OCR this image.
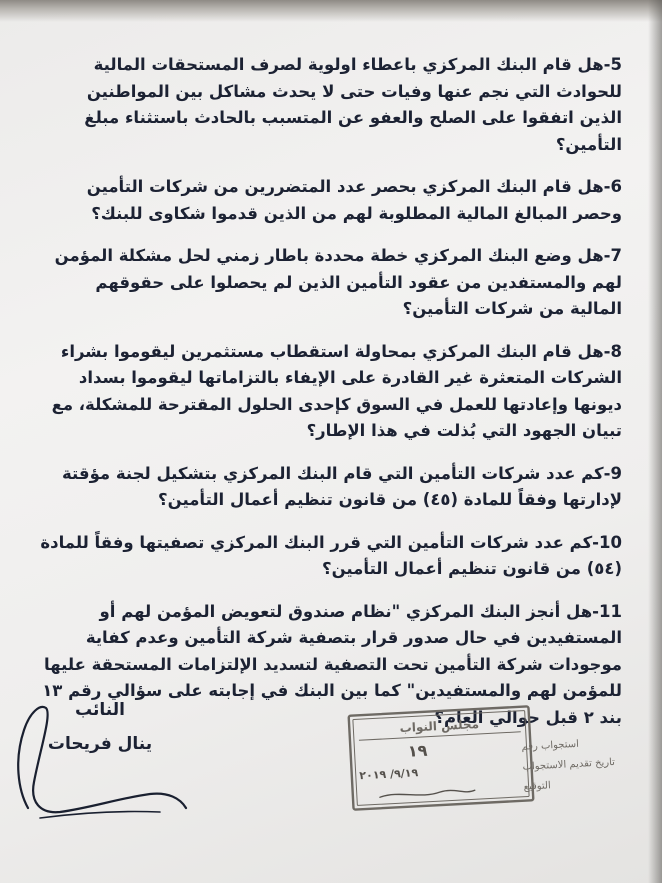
5-هل قام البنك المركزي باعطاء اولوية لصرف المستحقات المالية للحوادث التي نجم عنها وفيات حتى لا يحدث مشاكل بين المواطنين الذين اتفقوا على الصلح والعفو عن المتسبب بالحادث باستثناء مبلغ التأمين؟

6-هل قام البنك المركزي بحصر عدد المتضررين من شركات التأمين وحصر المبالغ المالية المطلوبة لهم من الذين قدموا شكاوى للبنك؟

7-هل وضع البنك المركزي خطة محددة باطار زمني لحل مشكلة المؤمن لهم والمستفدين من عقود التأمين الذين لم يحصلوا على حقوقهم المالية من شركات التأمين؟

8-هل قام البنك المركزي بمحاولة استقطاب مستثمرين ليقوموا بشراء الشركات المتعثرة غير القادرة على الإيفاء بالتزاماتها ليقوموا بسداد ديونها وإعادتها للعمل في السوق كإحدى الحلول المقترحة للمشكلة، مع تبيان الجهود التي بُذلت في هذا الإطار؟

9-كم عدد شركات التأمين التي قام البنك المركزي بتشكيل لجنة مؤقتة لإدارتها وفقاً للمادة (٤٥) من قانون تنظيم أعمال التأمين؟

10-كم عدد شركات التأمين التي قرر البنك المركزي تصفيتها وفقاً للمادة (٥٤) من قانون تنظيم أعمال التأمين؟

11-هل أنجز البنك المركزي "نظام صندوق لتعويض المؤمن لهم أو المستفيدين في حال صدور قرار بتصفية شركة التأمين وعدم كفاية موجودات شركة التأمين تحت التصفية لتسديد الإلتزامات المستحقة عليها للمؤمن لهم والمستفيدين" كما بين البنك في إجابته على سؤالي رقم ١٣ بند ٢ قبل حوالي العام؟

النائب
ينال فريحات
مجلس النواب
استجواب رقم
١٩
تاريخ تقديم الاستجواب
٩/١٩/ ٢٠١٩
التوقيع
